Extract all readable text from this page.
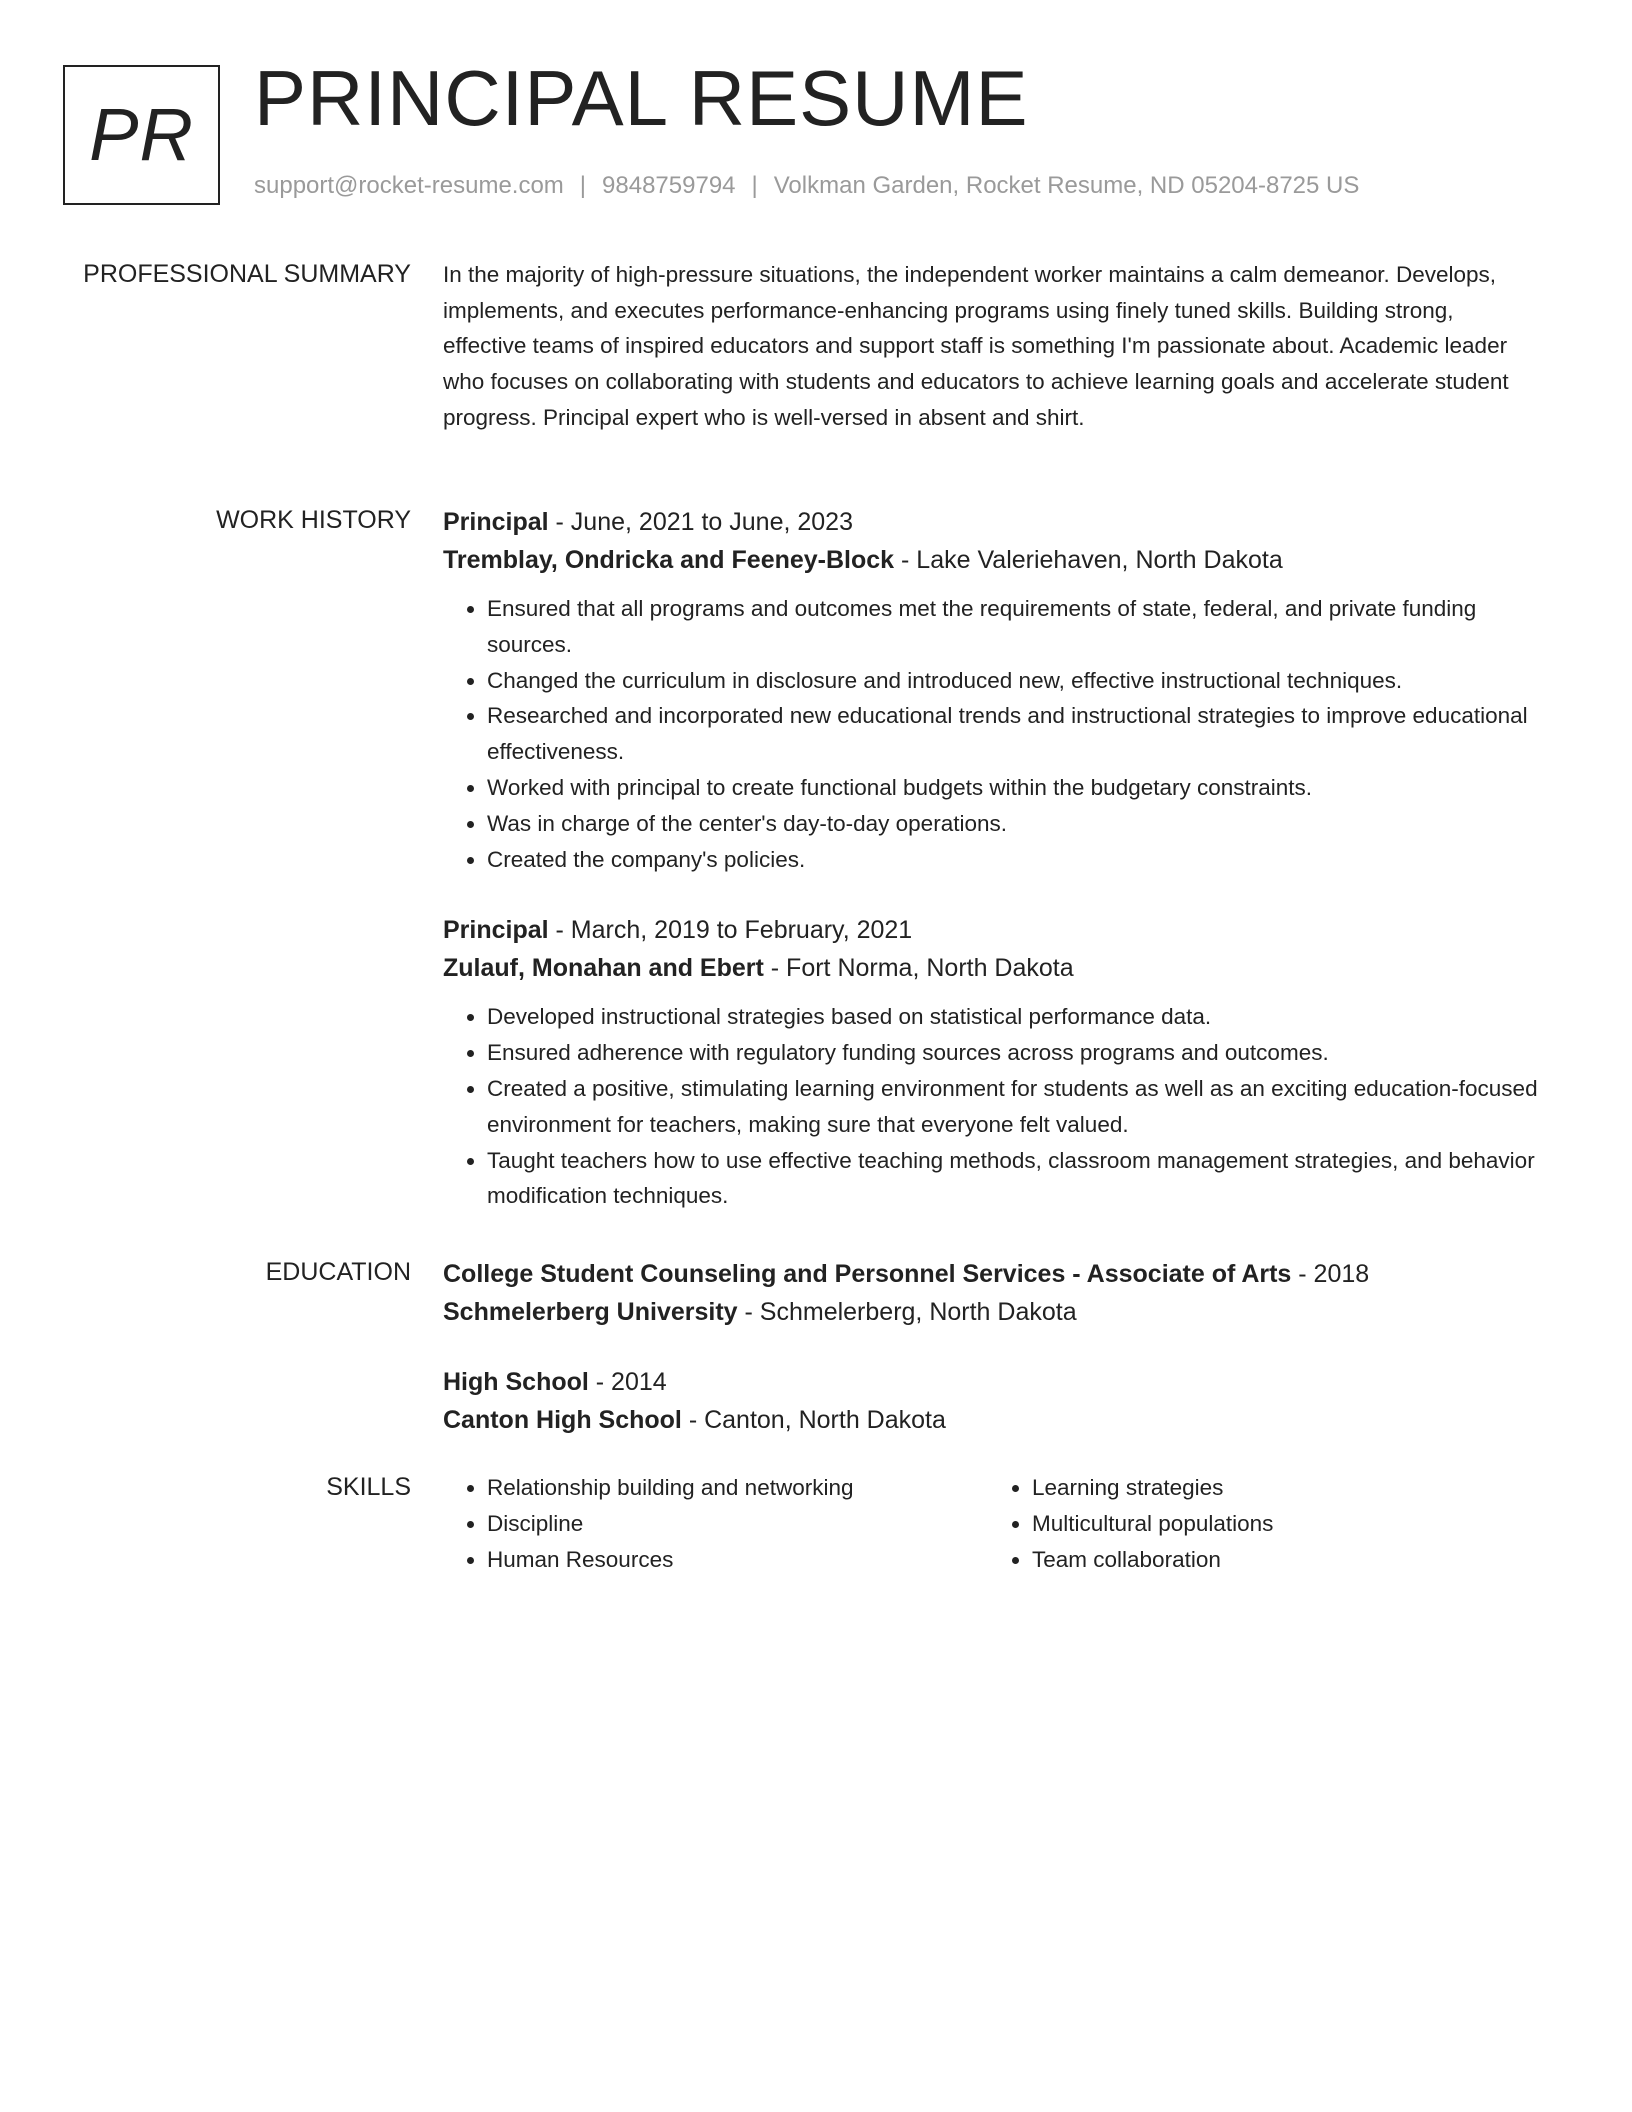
PR PRINCIPAL RESUME
support@rocket-resume.com | 9848759794 | Volkman Garden, Rocket Resume, ND 05204-8725 US
PROFESSIONAL SUMMARY In the majority of high-pressure situations, the independent worker maintains a calm demeanor. Develops, implements, and executes performance-enhancing programs using finely tuned skills. Building strong, effective teams of inspired educators and support staff is something I'm passionate about. Academic leader who focuses on collaborating with students and educators to achieve learning goals and accelerate student progress. Principal expert who is well-versed in absent and shirt.

WORK HISTORY Principal - June, 2021 to June, 2023
Tremblay, Ondricka and Feeney-Block - Lake Valeriehaven, North Dakota
• Ensured that all programs and outcomes met the requirements of state, federal, and private funding sources.
• Changed the curriculum in disclosure and introduced new, effective instructional techniques.
• Researched and incorporated new educational trends and instructional strategies to improve educational effectiveness.
• Worked with principal to create functional budgets within the budgetary constraints.
• Was in charge of the center's day-to-day operations.
• Created the company's policies.
Principal - March, 2019 to February, 2021
Zulauf, Monahan and Ebert - Fort Norma, North Dakota
• Developed instructional strategies based on statistical performance data.
• Ensured adherence with regulatory funding sources across programs and outcomes.
• Created a positive, stimulating learning environment for students as well as an exciting education-focused environment for teachers, making sure that everyone felt valued.
• Taught teachers how to use effective teaching methods, classroom management strategies, and behavior modification techniques.
EDUCATION College Student Counseling and Personnel Services - Associate of Arts - 2018
Schmelerberg University - Schmelerberg, North Dakota
High School - 2014
Canton High School - Canton, North Dakota
SKILLS
•	Relationship building and networking
• Discipline
• Human Resources
• Learning strategies
• Multicultural populations
• Team collaboration
